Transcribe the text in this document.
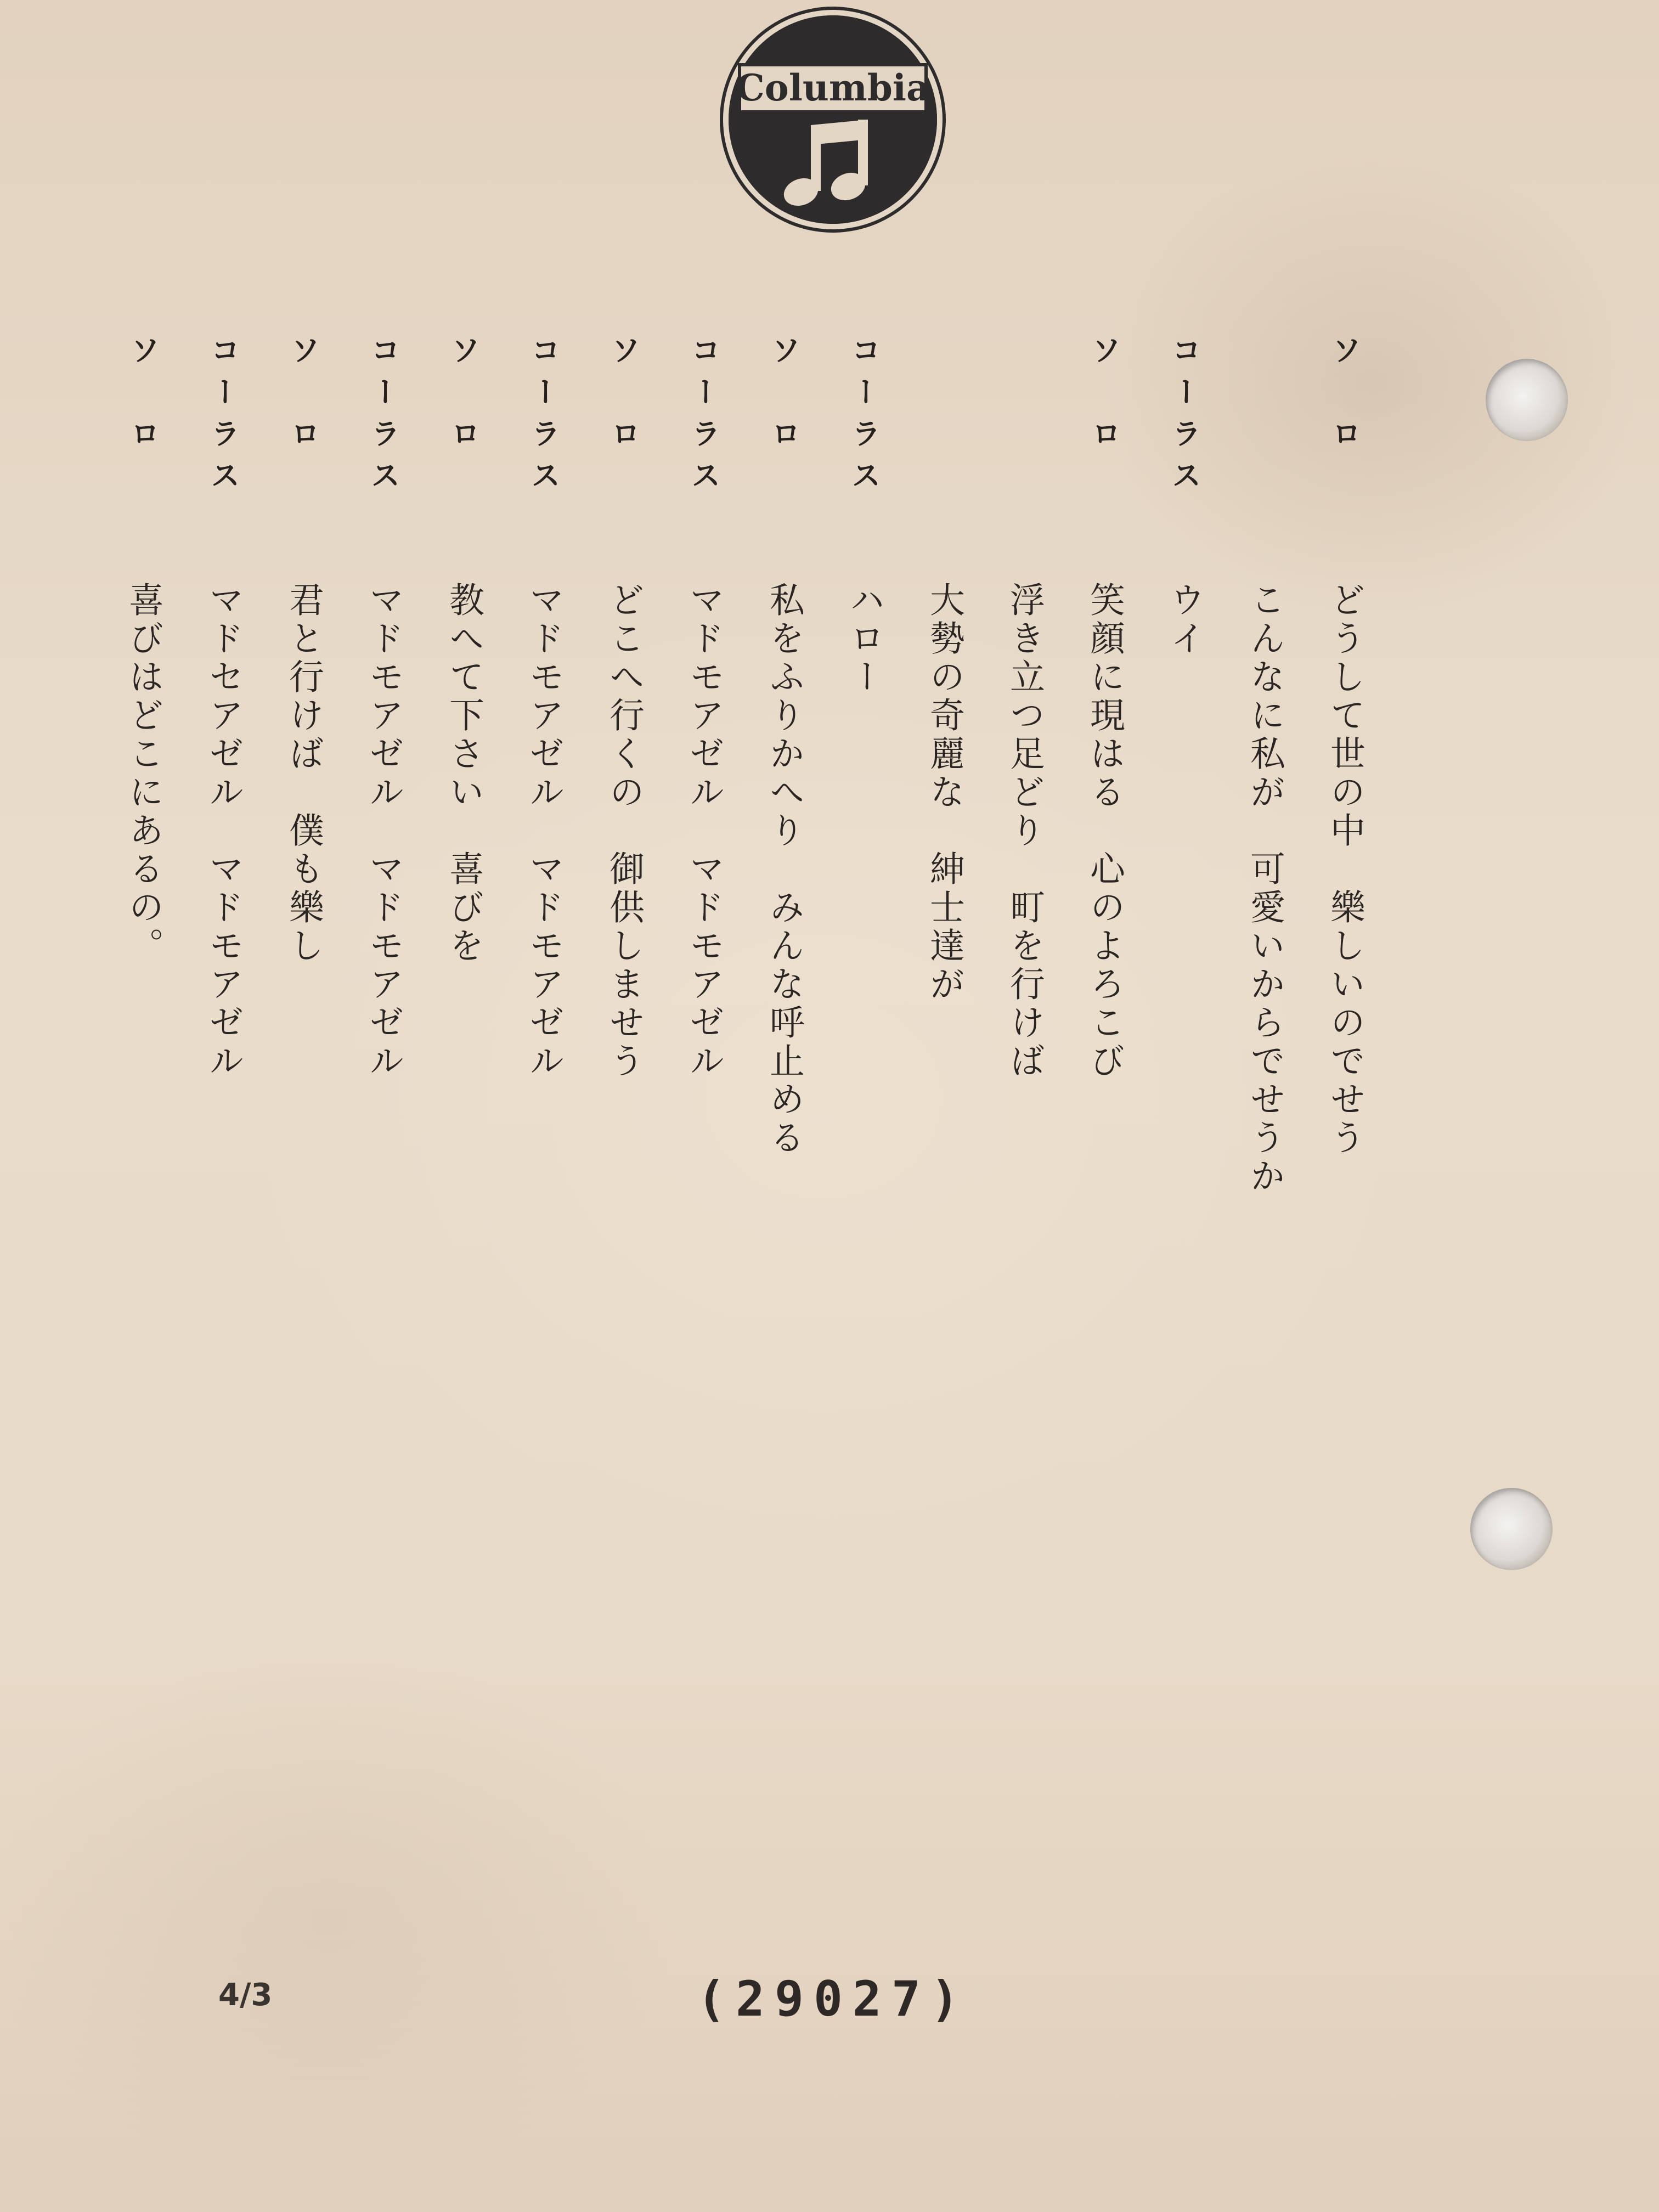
Columbia
ソ　ロ
どうして世の中　樂しいのでせう
こんなに私が　可愛いからでせうか
コーラス
ウイ
ソ　ロ
笑顔に現はる　心のよろこび
浮き立つ足どり　町を行けば
大勢の奇麗な　紳士達が
コーラス
ハロー
ソ　ロ
私をふりかへり　みんな呼止める
コーラス
マドモアゼル　マドモアゼル
ソ　ロ
どこへ行くの　御供しませう
コーラス
マドモアゼル　マドモアゼル
ソ　ロ
教へて下さい　喜びを
コーラス
マドモアゼル　マドモアゼル
ソ　ロ
君と行けば　僕も樂し
コーラス
マドセアゼル　マドモアゼル
ソ　ロ
喜びはどこにあるの。
4/3	(29027)
